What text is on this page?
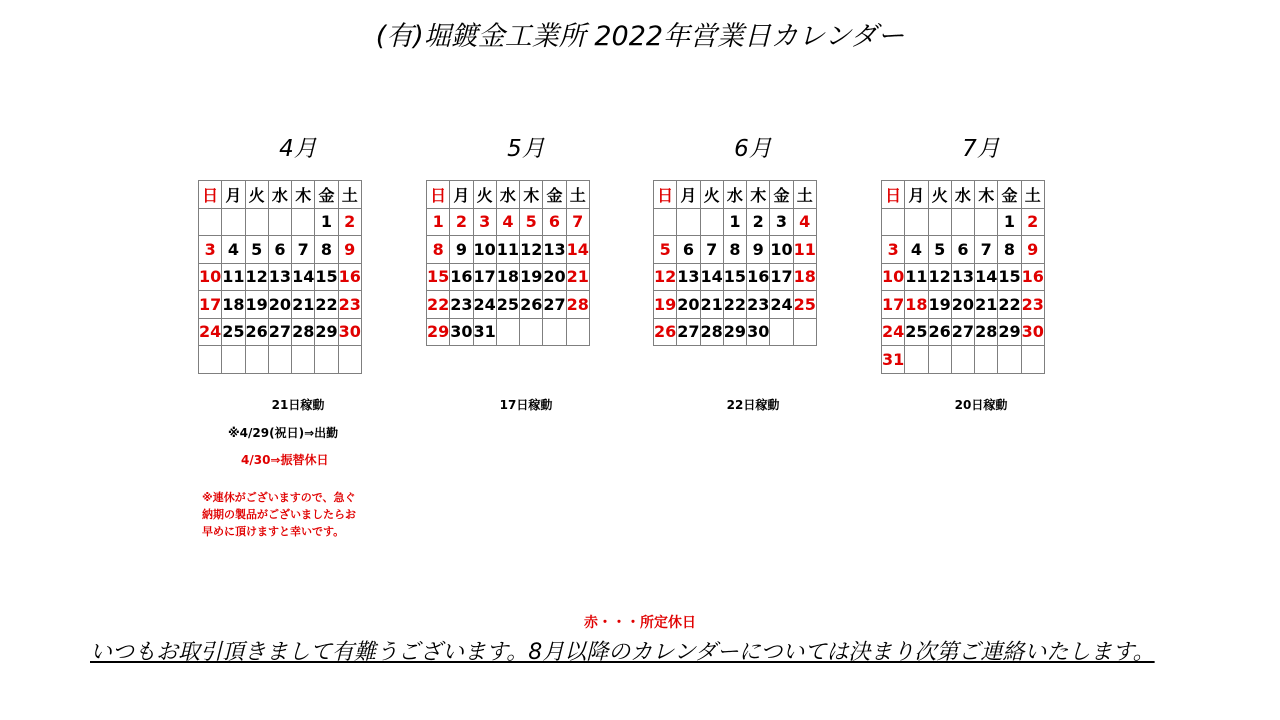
(有)堀鍍金工業所 2022年営業日カレンダー
4月
日	月	火	水	木	金	土
					1	2
3	4	5	6	7	8	9
10	11	12	13	14	15	16
17	18	19	20	21	22	23
24	25	26	27	28	29	30

21日稼動
5月
日	月	火	水	木	金	土
1	2	3	4	5	6	7
8	9	10	11	12	13	14
15	16	17	18	19	20	21
22	23	24	25	26	27	28
29	30	31				
17日稼動
6月
日	月	火	水	木	金	土
			1	2	3	4
5	6	7	8	9	10	11
12	13	14	15	16	17	18
19	20	21	22	23	24	25
26	27	28	29	30		
22日稼動
7月
日	月	火	水	木	金	土
					1	2
3	4	5	6	7	8	9
10	11	12	13	14	15	16
17	18	19	20	21	22	23
24	25	26	27	28	29	30
31						
20日稼動
※4/29(祝日)⇒出勤
4/30⇒振替休日
※連休がございますので、急ぐ
納期の製品がございましたらお
早めに頂けますと幸いです。
赤・・・所定休日
いつもお取引頂きまして有難うございます。8月以降のカレンダーについては決まり次第ご連絡いたします。
